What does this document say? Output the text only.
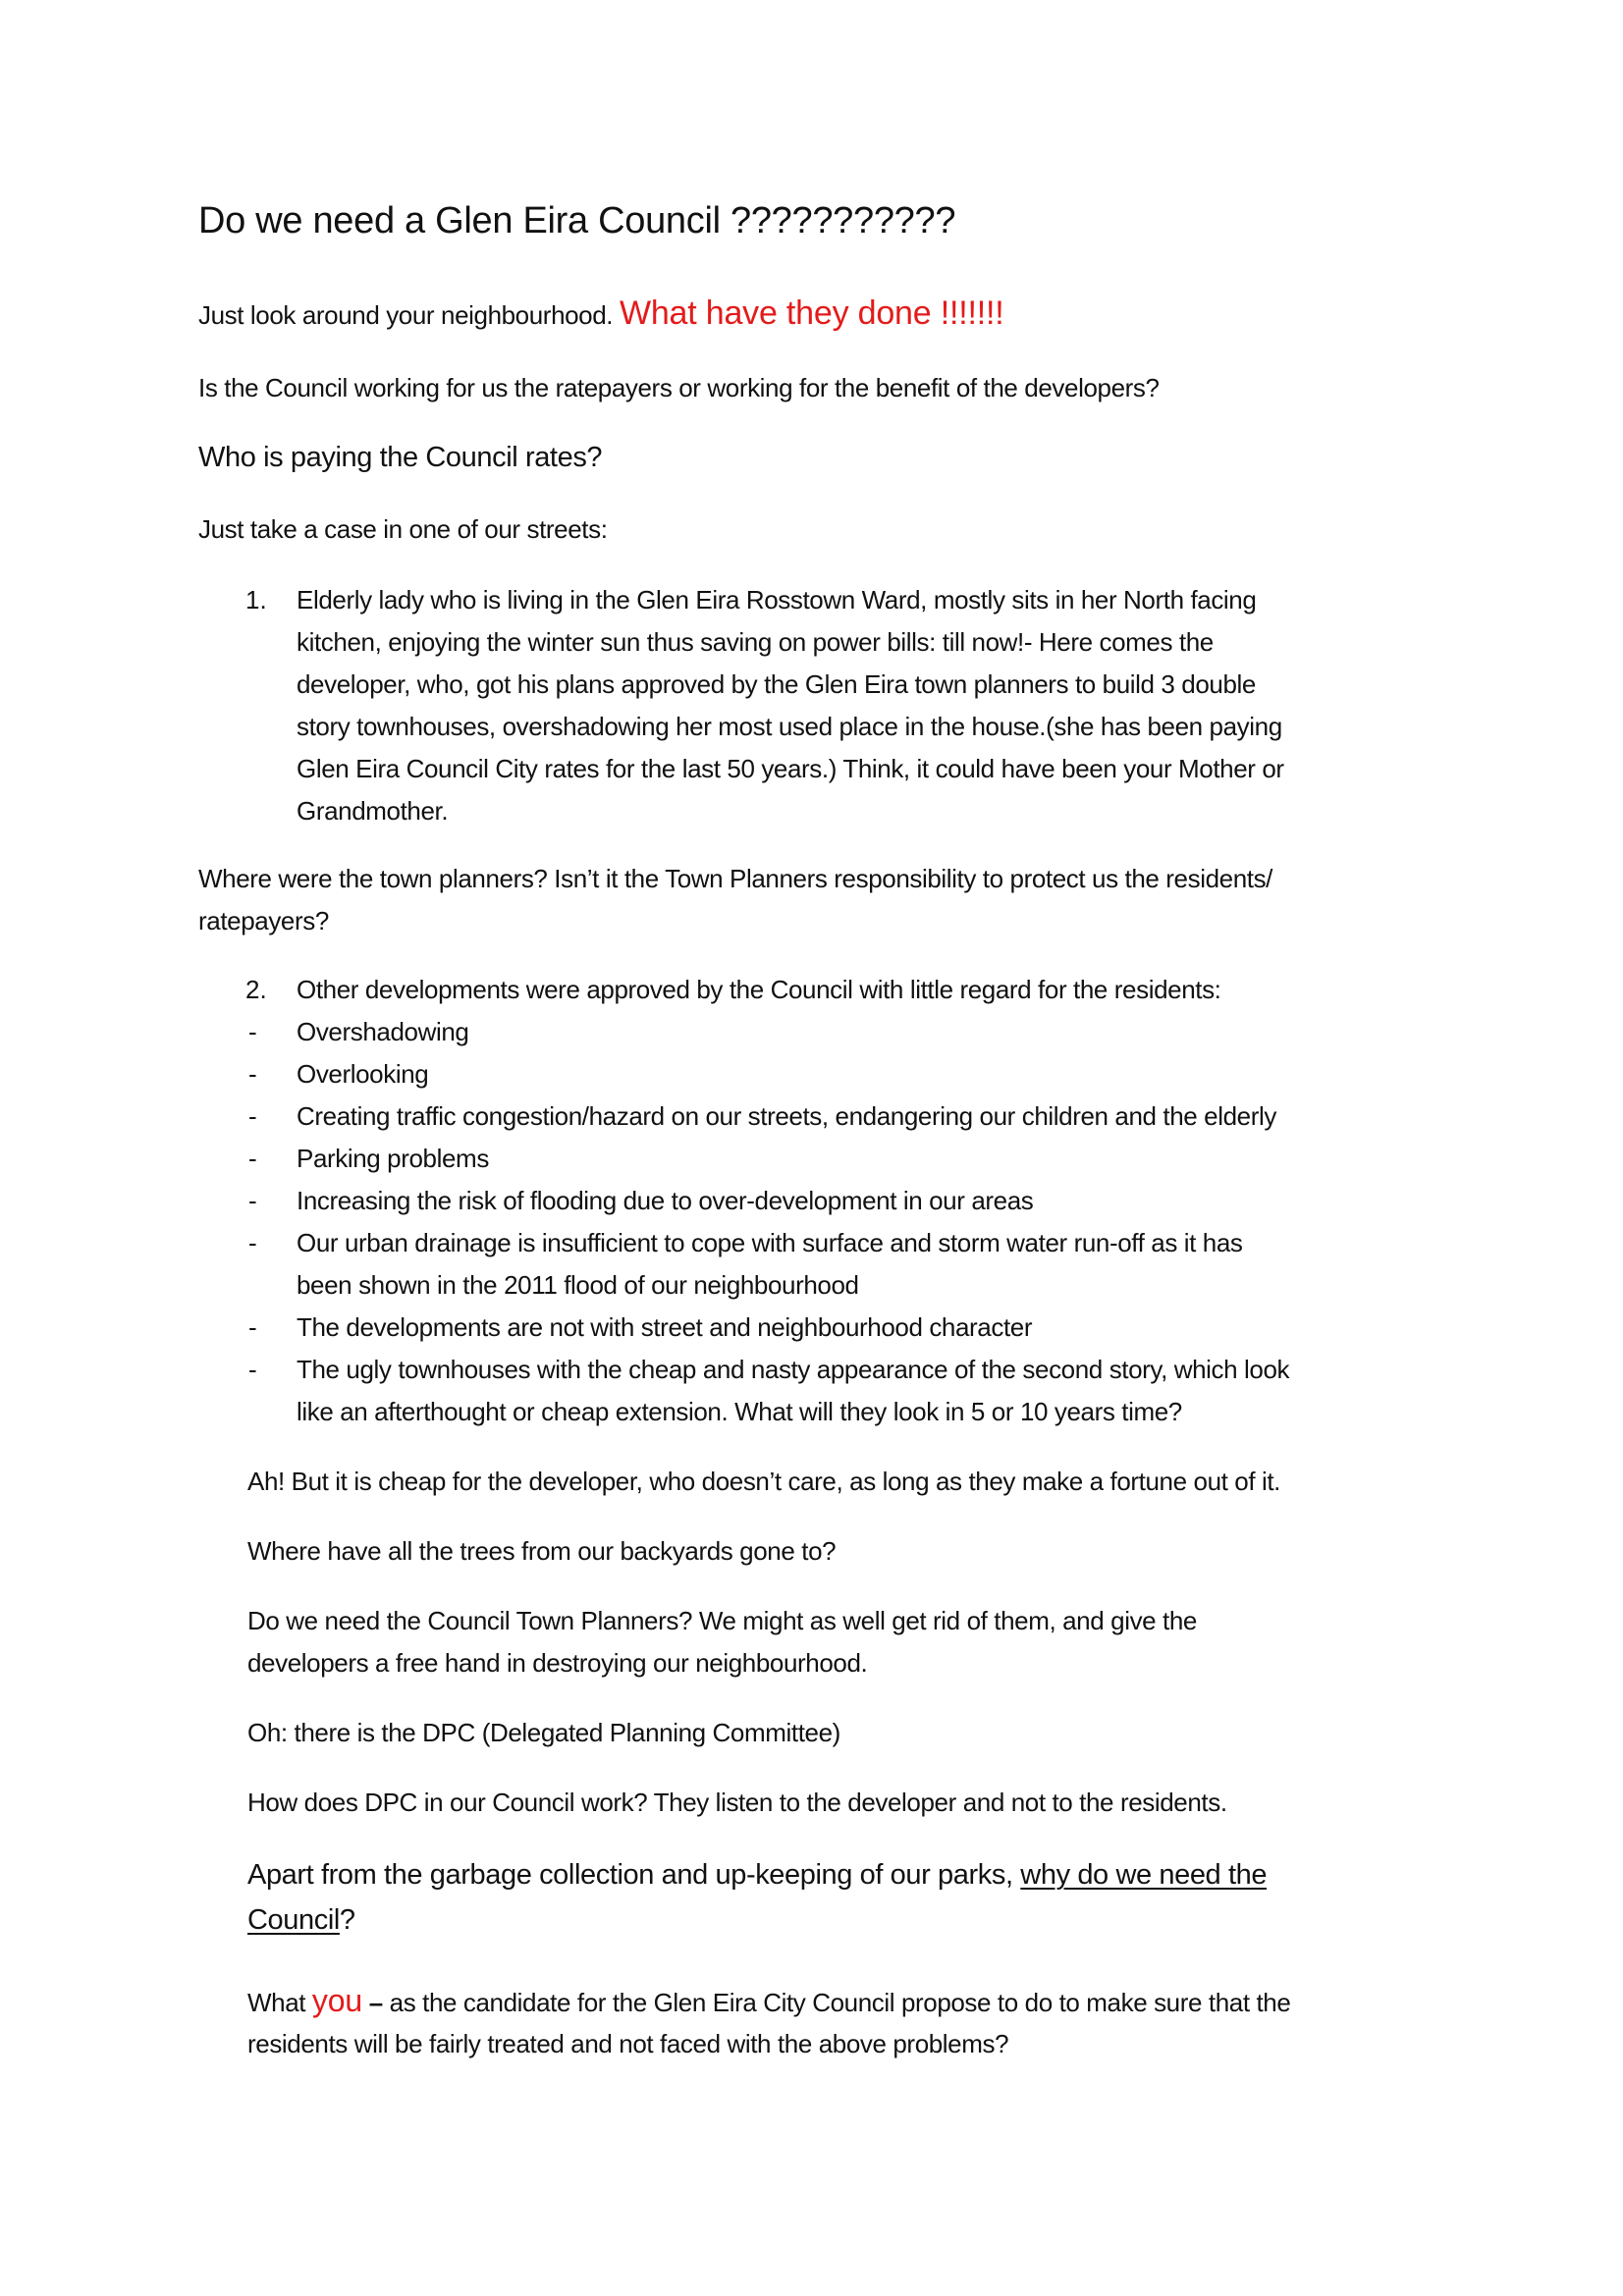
Do we need a Glen Eira Council ???????????
Just look around your neighbourhood. What have they done !!!!!!!
Is the Council working for us the ratepayers or working for the benefit of the developers?
Who is paying the Council rates?
Just take a case in one of our streets:
1. Elderly lady who is living in the Glen Eira Rosstown Ward, mostly sits in her North facing
kitchen, enjoying the winter sun thus saving on power bills: till now!- Here comes the
developer, who, got his plans approved by the Glen Eira town planners to build 3 double
story townhouses, overshadowing her most used place in the house.(she has been paying
Glen Eira Council City rates for the last 50 years.) Think, it could have been your Mother or
Grandmother.
Where were the town planners? Isn’t it the Town Planners responsibility to protect us the residents/
ratepayers?
2. Other developments were approved by the Council with little regard for the residents:
- Overshadowing
- Overlooking
- Creating traffic congestion/hazard on our streets, endangering our children and the elderly
- Parking problems
- Increasing the risk of flooding due to over-development in our areas
- Our urban drainage is insufficient to cope with surface and storm water run-off as it has
been shown in the 2011 flood of our neighbourhood
- The developments are not with street and neighbourhood character
- The ugly townhouses with the cheap and nasty appearance of the second story, which look
like an afterthought or cheap extension. What will they look in 5 or 10 years time?
Ah! But it is cheap for the developer, who doesn’t care, as long as they make a fortune out of it.
Where have all the trees from our backyards gone to?
Do we need the Council Town Planners? We might as well get rid of them, and give the
developers a free hand in destroying our neighbourhood.
Oh: there is the DPC (Delegated Planning Committee)
How does DPC in our Council work? They listen to the developer and not to the residents.
Apart from the garbage collection and up-keeping of our parks, why do we need the
Council?
What you – as the candidate for the Glen Eira City Council propose to do to make sure that the
residents will be fairly treated and not faced with the above problems?
